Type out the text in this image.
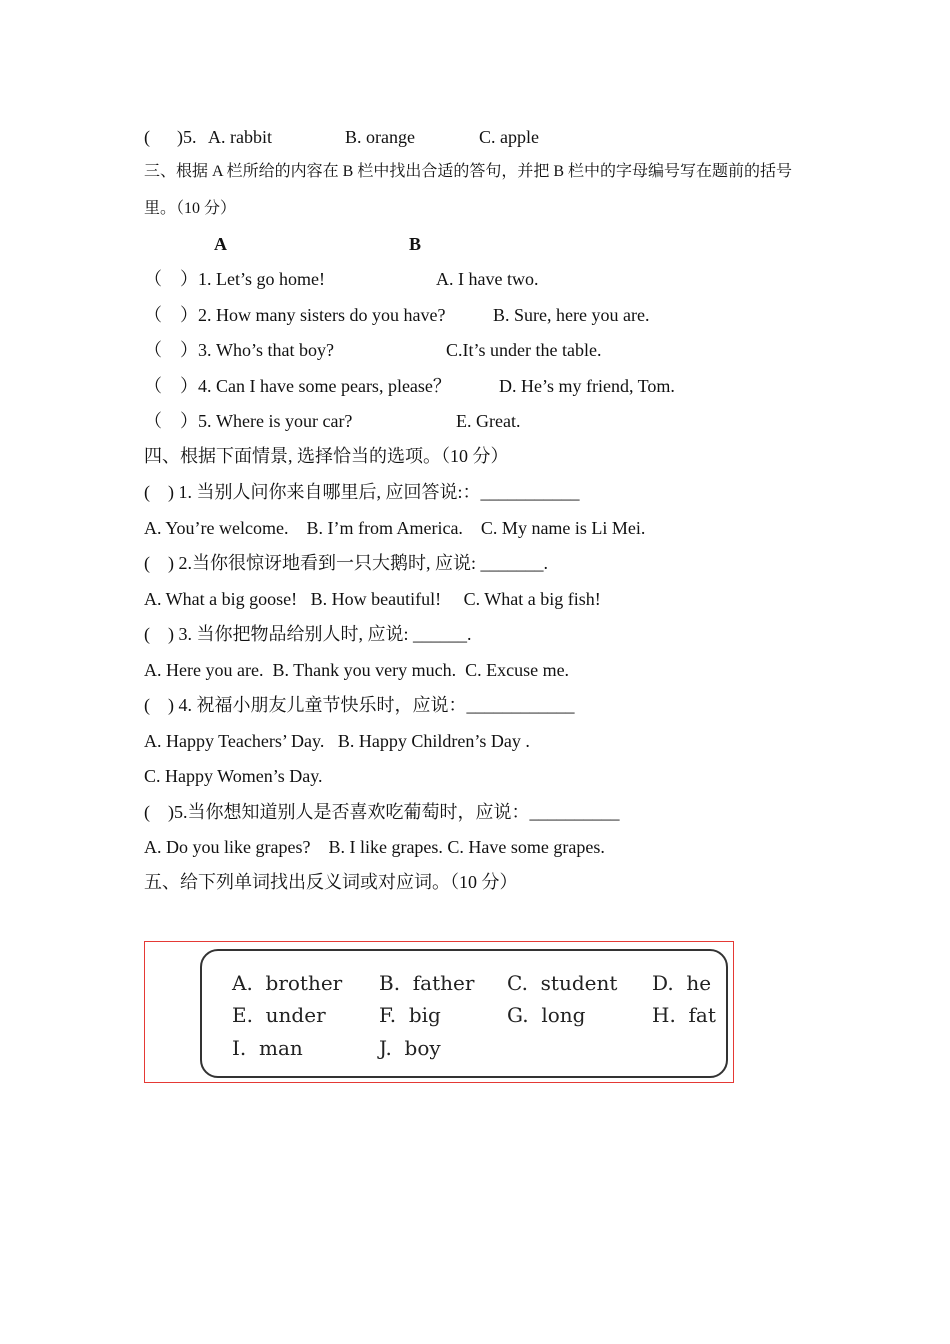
(      )5. A. rabbit	B. orange	C. apple
三、根据 A 栏所给的内容在 B 栏中找出合适的答句，并把 B 栏中的字母编号写在题前的括号
里。（10 分）
A	B
（    ）1. Let’s go home!	A. I have two.
（    ）2. How many sisters do you have?	B. Sure, here you are.
（    ）3. Who’s that boy?	C.It’s under the table.
（    ）4. Can I have some pears, please？	D. He’s my friend, Tom.
（    ）5. Where is your car?	E. Great.
四、根据下面情景, 选择恰当的选项。（10 分）
(    ) 1. 当别人问你来自哪里后, 应回答说:：___________
A. You’re welcome.    B. I’m from America.    C. My name is Li Mei.
(    ) 2.当你很惊讶地看到一只大鹅时, 应说: _______.
A. What a big goose!   B. How beautiful!     C. What a big fish!
(    ) 3. 当你把物品给别人时, 应说: ______.
A. Here you are.  B. Thank you very much.  C. Excuse me.
(    ) 4. 祝福小朋友儿童节快乐时，应说：____________
A. Happy Teachers’ Day.   B. Happy Children’s Day .
C. Happy Women’s Day.
(    )5.当你想知道别人是否喜欢吃葡萄时，应说：__________
A. Do you like grapes?    B. I like grapes. C. Have some grapes.
五、给下列单词找出反义词或对应词。（10 分）
A.  brother B.  father C.  student D.  he
E.  under	F.  big	G.  long	H.  fat
I.  man	J.  boy
